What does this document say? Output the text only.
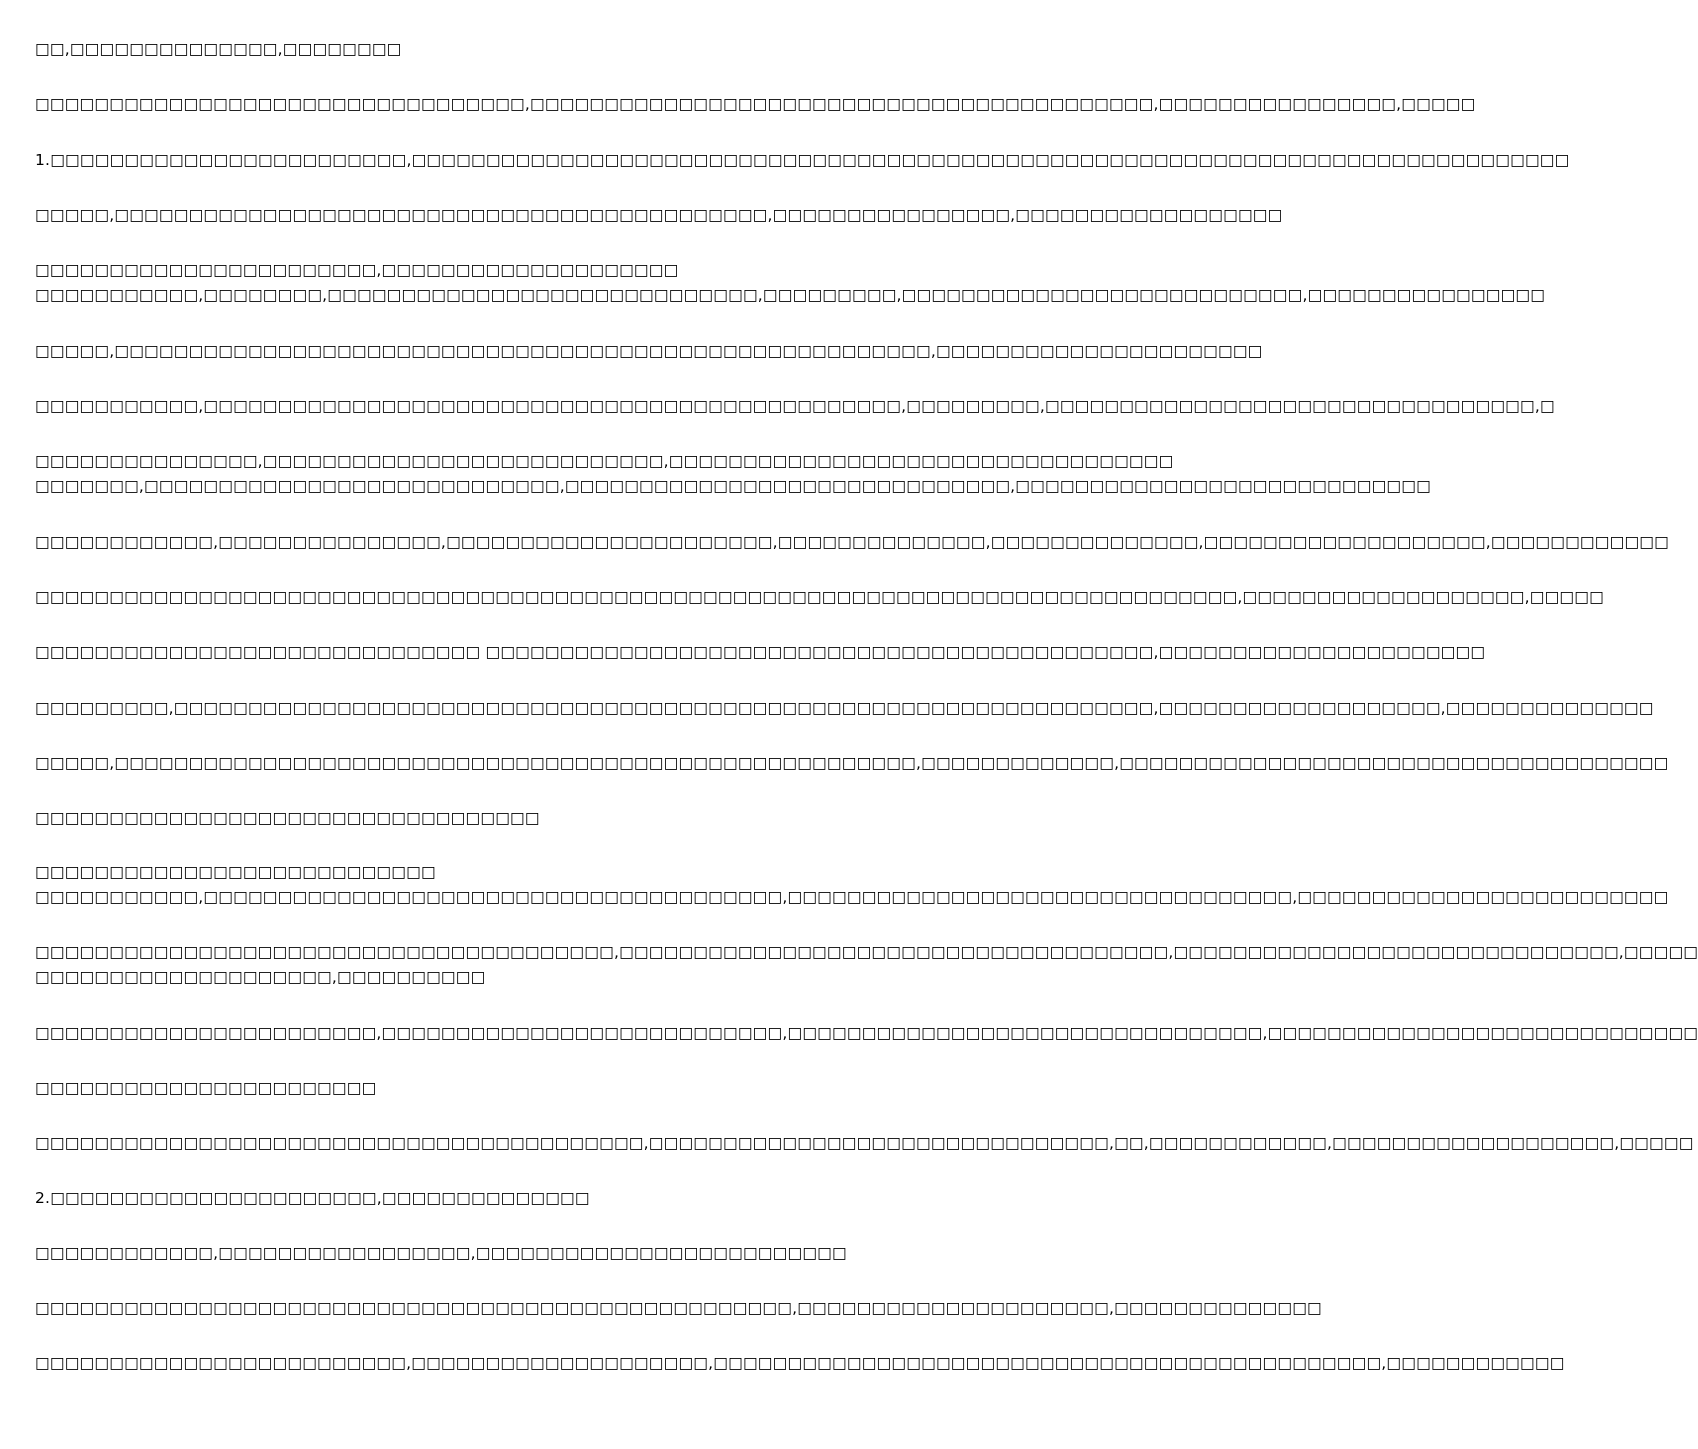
□□,□□□□□□□□□□□□□□,□□□□□□□□
□□□□□□□□□□□□□□□□□□□□□□□□□□□□□□□□□,□□□□□□□□□□□□□□□□□□□□□□□□□□□□□□□□□□□□□□□□□□,□□□□□□□□□□□□□□□□,□□□□□
1.□□□□□□□□□□□□□□□□□□□□□□□□,□□□□□□□□□□□□□□□□□□□□□□□□□□□□□□□□□□□□□□□□□□□□□□□□□□□□□□□□□□□□□□□□□□□□□□□□□□□□□□
□□□□□,□□□□□□□□□□□□□□□□□□□□□□□□□□□□□□□□□□□□□□□□□□□□,□□□□□□□□□□□□□□□□,□□□□□□□□□□□□□□□□□□
□□□□□□□□□□□□□□□□□□□□□□□,□□□□□□□□□□□□□□□□□□□□
□□□□□□□□□□□,□□□□□□□□,□□□□□□□□□□□□□□□□□□□□□□□□□□□□□,□□□□□□□□□,□□□□□□□□□□□□□□□□□□□□□□□□□□□,□□□□□□□□□□□□□□□□
□□□□□,□□□□□□□□□□□□□□□□□□□□□□□□□□□□□□□□□□□□□□□□□□□□□□□□□□□□□□□,□□□□□□□□□□□□□□□□□□□□□□
□□□□□□□□□□□,□□□□□□□□□□□□□□□□□□□□□□□□□□□□□□□□□□□□□□□□□□□□□□□,□□□□□□□□□,□□□□□□□□□□□□□□□□□□□□□□□□□□□□□□□□□,□
□□□□□□□□□□□□□□□,□□□□□□□□□□□□□□□□□□□□□□□□□□□,□□□□□□□□□□□□□□□□□□□□□□□□□□□□□□□□□□
□□□□□□□,□□□□□□□□□□□□□□□□□□□□□□□□□□□□,□□□□□□□□□□□□□□□□□□□□□□□□□□□□□□,□□□□□□□□□□□□□□□□□□□□□□□□□□□□
□□□□□□□□□□□□,□□□□□□□□□□□□□□□,□□□□□□□□□□□□□□□□□□□□□□,□□□□□□□□□□□□□□,□□□□□□□□□□□□□□,□□□□□□□□□□□□□□□□□□□,□□□□□□□□□□□□
□□□□□□□□□□□□□□□□□□□□□□□□□□□□□□□□□□□□□□□□□□□□□□□□□□□□□□□□□□□□□□□□□□□□□□□□□□□□□□□□□,□□□□□□□□□□□□□□□□□□□,□□□□□
□□□□□□□□□□□□□□□□□□□□□□□□□□□□□□ □□□□□□□□□□□□□□□□□□□□□□□□□□□□□□□□□□□□□□□□□□□□□,□□□□□□□□□□□□□□□□□□□□□□
□□□□□□□□□,□□□□□□□□□□□□□□□□□□□□□□□□□□□□□□□□□□□□□□□□□□□□□□□□□□□□□□□□□□□□□□□□□□,□□□□□□□□□□□□□□□□□□□,□□□□□□□□□□□□□□
□□□□□,□□□□□□□□□□□□□□□□□□□□□□□□□□□□□□□□□□□□□□□□□□□□□□□□□□□□□□,□□□□□□□□□□□□□,□□□□□□□□□□□□□□□□□□□□□□□□□□□□□□□□□□□□□
□□□□□□□□□□□□□□□□□□□□□□□□□□□□□□□□□□
□□□□□□□□□□□□□□□□□□□□□□□□□□□
□□□□□□□□□□□,□□□□□□□□□□□□□□□□□□□□□□□□□□□□□□□□□□□□□□□,□□□□□□□□□□□□□□□□□□□□□□□□□□□□□□□□□□,□□□□□□□□□□□□□□□□□□□□□□□□□
□□□□□□□□□□□□□□□□□□□□□□□□□□□□□□□□□□□□□□□,□□□□□□□□□□□□□□□□□□□□□□□□□□□□□□□□□□□□□,□□□□□□□□□□□□□□□□□□□□□□□□□□□□□□,□□□□□
□□□□□□□□□□□□□□□□□□□□,□□□□□□□□□□
□□□□□□□□□□□□□□□□□□□□□□□,□□□□□□□□□□□□□□□□□□□□□□□□□□□,□□□□□□□□□□□□□□□□□□□□□□□□□□□□□□□□,□□□□□□□□□□□□□□□□□□□□□□□□□□□□□
□□□□□□□□□□□□□□□□□□□□□□□
□□□□□□□□□□□□□□□□□□□□□□□□□□□□□□□□□□□□□□□□□,□□□□□□□□□□□□□□□□□□□□□□□□□□□□□□□,□□,□□□□□□□□□□□□,□□□□□□□□□□□□□□□□□□□,□□□□□
2.□□□□□□□□□□□□□□□□□□□□□□,□□□□□□□□□□□□□□
□□□□□□□□□□□□,□□□□□□□□□□□□□□□□□,□□□□□□□□□□□□□□□□□□□□□□□□□
□□□□□□□□□□□□□□□□□□□□□□□□□□□□□□□□□□□□□□□□□□□□□□□□□□□,□□□□□□□□□□□□□□□□□□□□□,□□□□□□□□□□□□□□
□□□□□□□□□□□□□□□□□□□□□□□□□,□□□□□□□□□□□□□□□□□□□□,□□□□□□□□□□□□□□□□□□□□□□□□□□□□□□□□□□□□□□□□□□□□□,□□□□□□□□□□□□
